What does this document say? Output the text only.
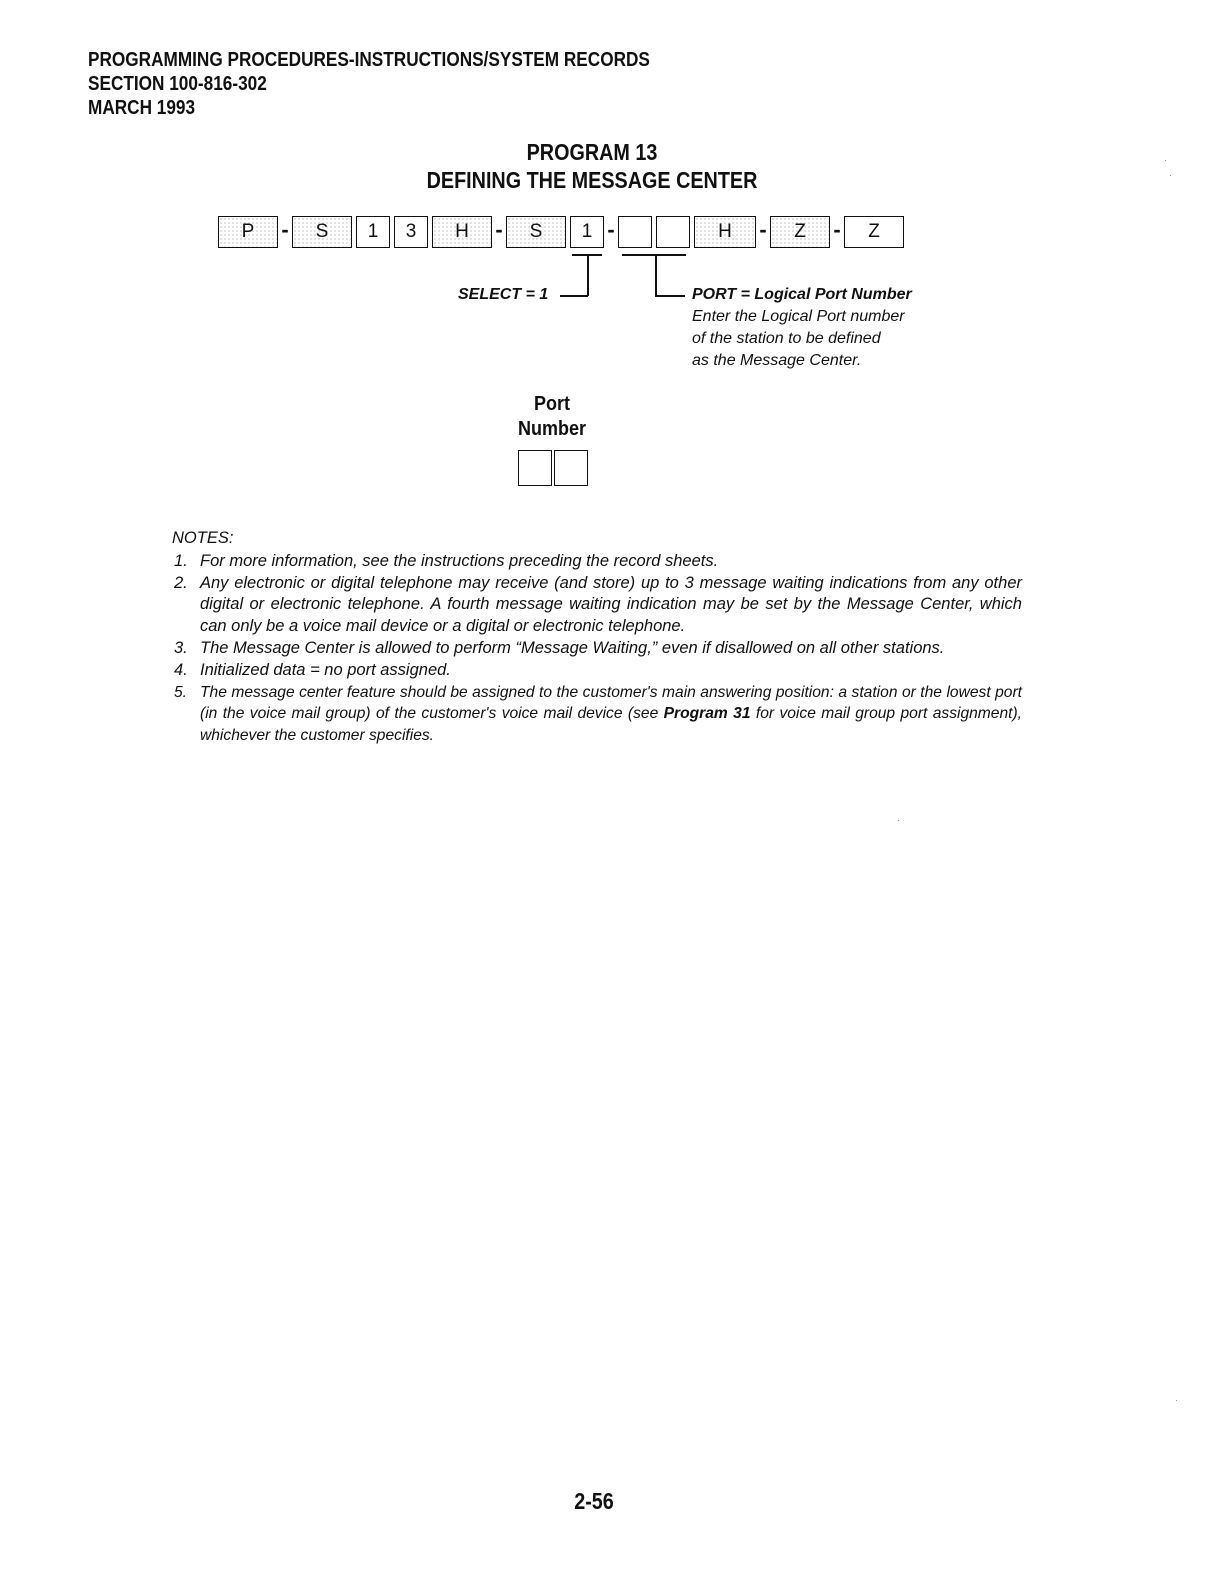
PROGRAMMING PROCEDURES-INSTRUCTIONS/SYSTEM RECORDS
SECTION 100-816-302
MARCH 1993
PROGRAM 13
DEFINING THE MESSAGE CENTER
P	-	S	1	3	H	-	S	1 -	H	-	Z	-	Z
SELECT = 1	PORT = Logical Port Number
Enter the Logical Port number
of the station to be defined
as the Message Center.
Port
Number
NOTES:
1. For more information, see the instructions preceding the record sheets.
2. Any electronic or digital telephone may receive (and store) up to 3 message waiting indications from any other digital or electronic telephone. A fourth message waiting indication may be set by the Message Center, which can only be a voice mail device or a digital or electronic telephone.
3. The Message Center is allowed to perform “Message Waiting,” even if disallowed on all other stations.
4. Initialized data = no port assigned.
5. The message center feature should be assigned to the customer's main answering position: a station or the lowest port (in the voice mail group) of the customer's voice mail device (see Program 31 for voice mail group port assignment), whichever the customer specifies.
2-56
